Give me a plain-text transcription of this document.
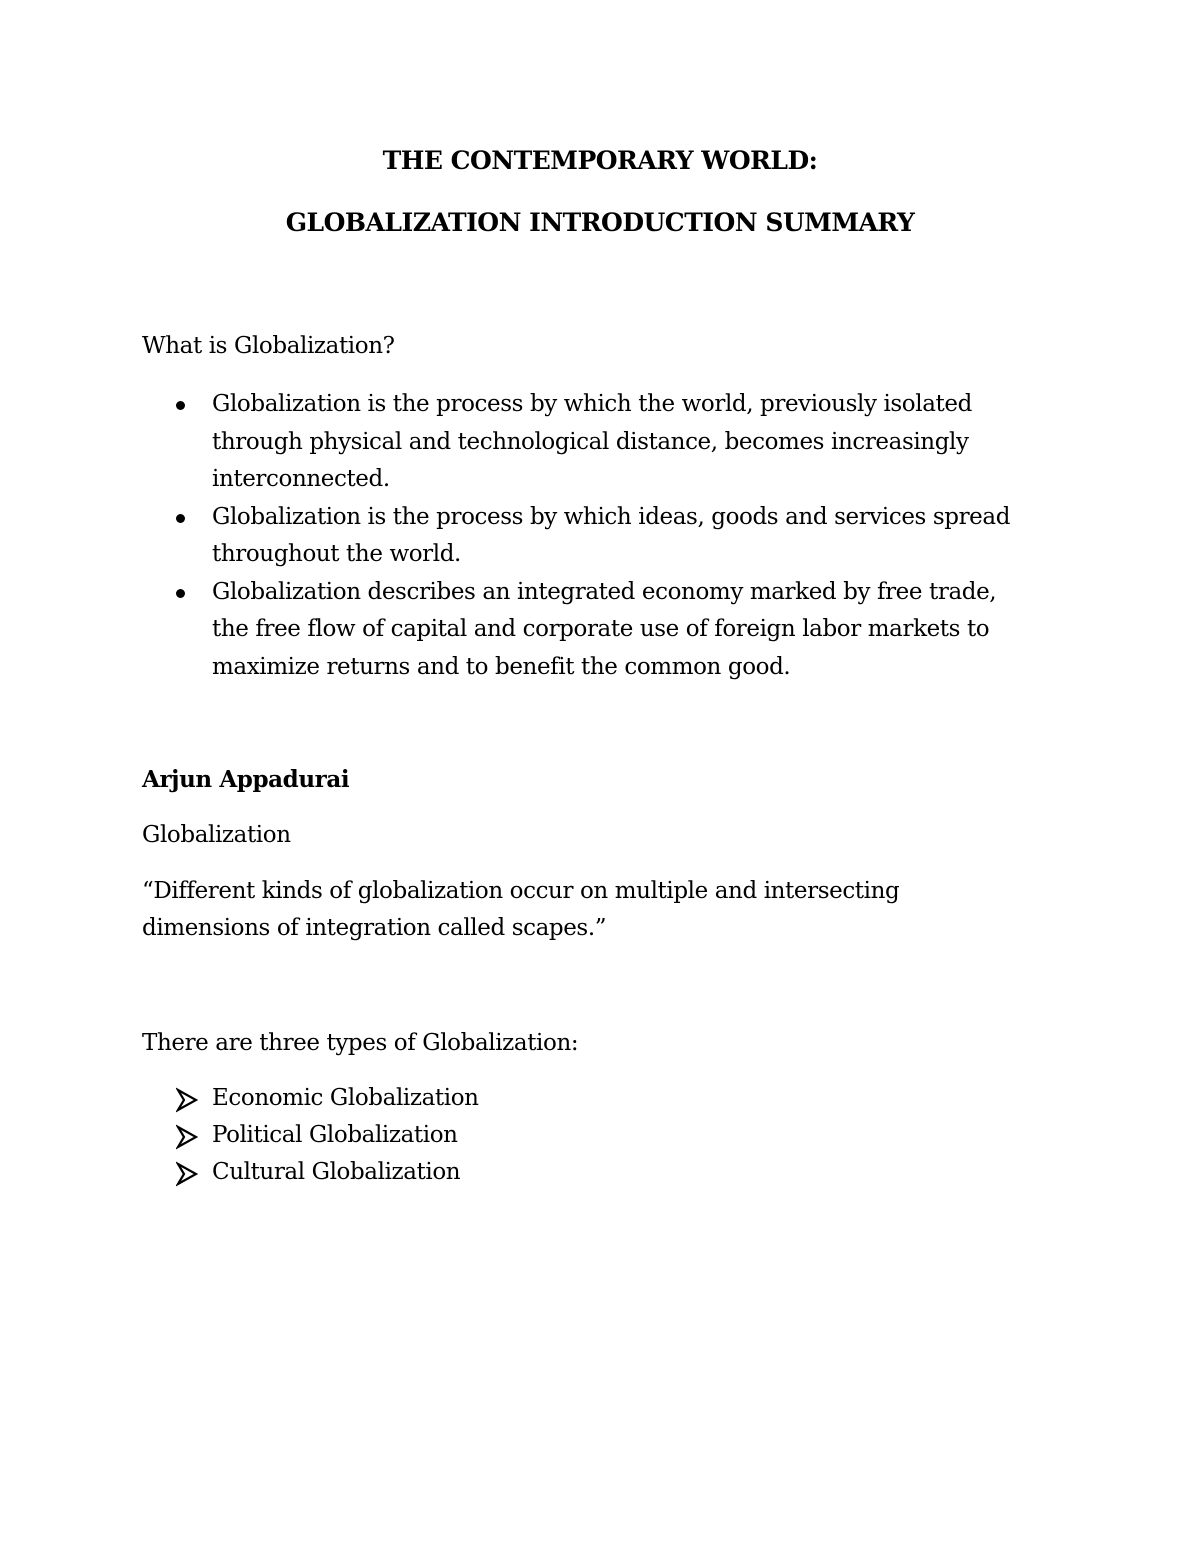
THE CONTEMPORARY WORLD:
GLOBALIZATION INTRODUCTION SUMMARY
What is Globalization?
Globalization is the process by which the world, previously isolated
through physical and technological distance, becomes increasingly
interconnected.
Globalization is the process by which ideas, goods and services spread
throughout the world.
Globalization describes an integrated economy marked by free trade,
the free flow of capital and corporate use of foreign labor markets to
maximize returns and to benefit the common good.
Arjun Appadurai
Globalization
“Different kinds of globalization occur on multiple and intersecting
dimensions of integration called scapes.”
There are three types of Globalization:
Economic Globalization
Political Globalization
Cultural Globalization
